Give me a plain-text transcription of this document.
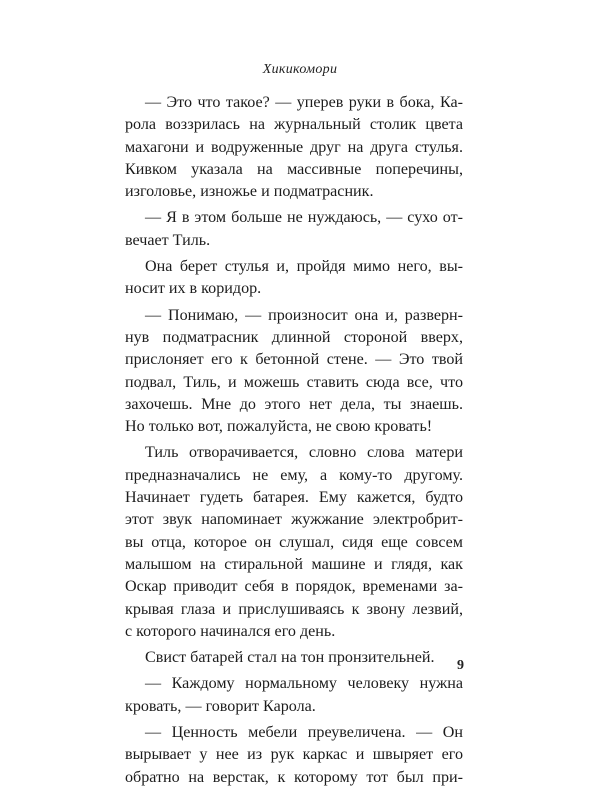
Хикикомори
— Это что такое? — уперев руки в бока, Ка-
рола воззрилась на журнальный столик цвета
махагони и водруженные друг на друга стулья.
Кивком указала на массивные поперечины,
изголовье, изножье и подматрасник.
— Я в этом больше не нуждаюсь, — сухо от-
вечает Тиль.
Она берет стулья и, пройдя мимо него, вы-
носит их в коридор.
— Понимаю, — произносит она и, разверн-
нув подматрасник длинной стороной вверх,
прислоняет его к бетонной стене. — Это твой
подвал, Тиль, и можешь ставить сюда все, что
захочешь. Мне до этого нет дела, ты знаешь.
Но только вот, пожалуйста, не свою кровать!
Тиль отворачивается, словно слова матери
предназначались не ему, а кому-то другому.
Начинает гудеть батарея. Ему кажется, будто
этот звук напоминает жужжание электробрит-
вы отца, которое он слушал, сидя еще совсем
малышом на стиральной машине и глядя, как
Оскар приводит себя в порядок, временами за-
крывая глаза и прислушиваясь к звону лезвий,
с которого начинался его день.
Свист батарей стал на тон пронзительней.
— Каждому нормальному человеку нужна
кровать, — говорит Карола.
— Ценность мебели преувеличена. — Он
вырывает у нее из рук каркас и швыряет его
обратно на верстак, к которому тот был при-
9
